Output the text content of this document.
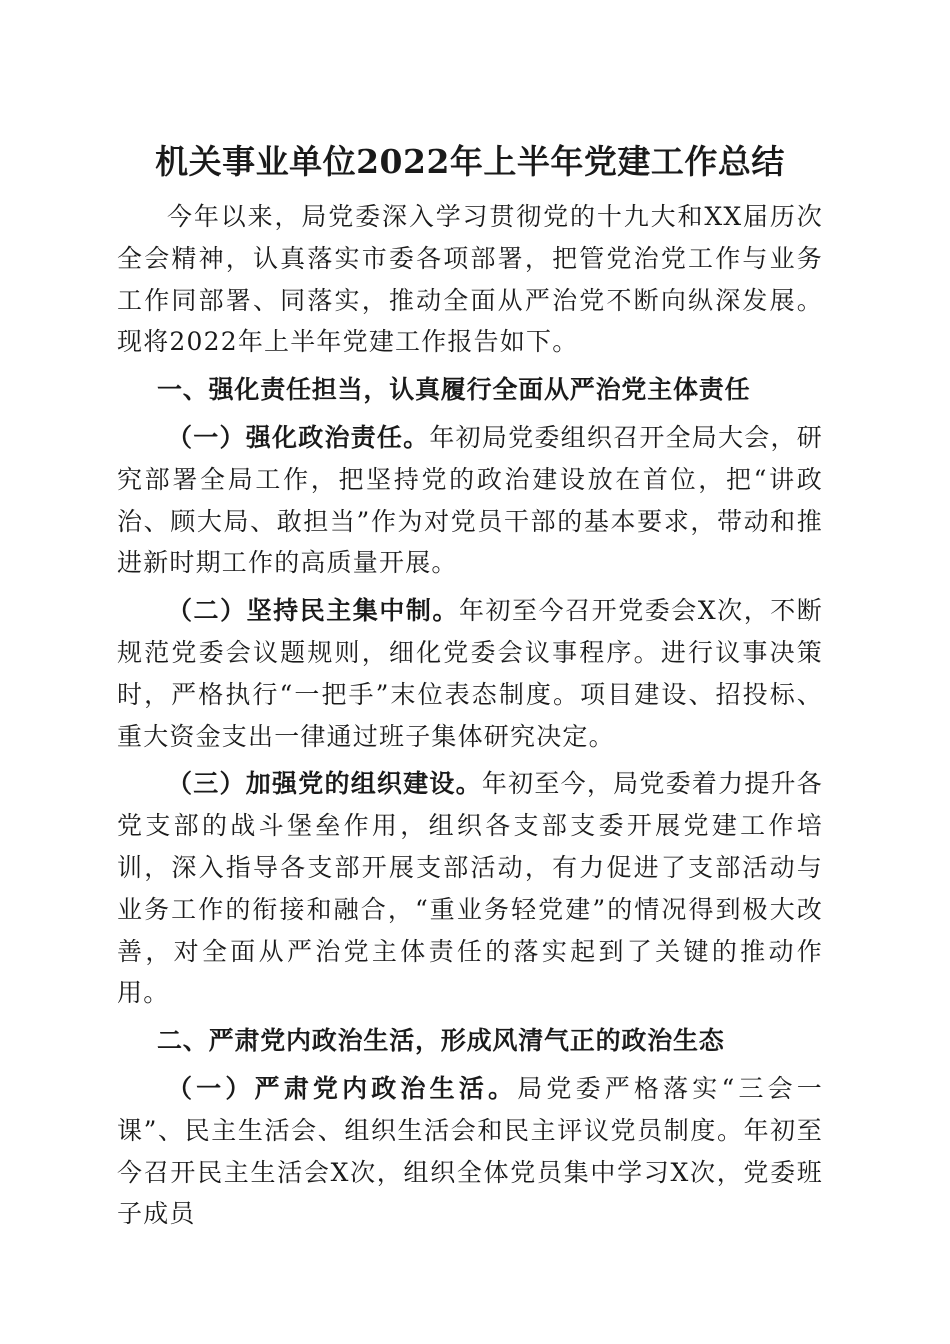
机关事业单位2022年上半年党建工作总结

今年以来，局党委深入学习贯彻党的十九大和XX届历次全会精神，认真落实市委各项部署，把管党治党工作与业务工作同部署、同落实，推动全面从严治党不断向纵深发展。现将2022年上半年党建工作报告如下。

一、强化责任担当，认真履行全面从严治党主体责任

（一）强化政治责任。年初局党委组织召开全局大会，研究部署全局工作，把坚持党的政治建设放在首位，把“讲政治、顾大局、敢担当”作为对党员干部的基本要求，带动和推进新时期工作的高质量开展。

（二）坚持民主集中制。年初至今召开党委会X次，不断规范党委会议题规则，细化党委会议事程序。进行议事决策时，严格执行“一把手”末位表态制度。项目建设、招投标、重大资金支出一律通过班子集体研究决定。

（三）加强党的组织建设。年初至今，局党委着力提升各党支部的战斗堡垒作用，组织各支部支委开展党建工作培训，深入指导各支部开展支部活动，有力促进了支部活动与业务工作的衔接和融合，“重业务轻党建”的情况得到极大改善，对全面从严治党主体责任的落实起到了关键的推动作用。

二、严肃党内政治生活，形成风清气正的政治生态

（一）严肃党内政治生活。局党委严格落实“三会一课”、民主生活会、组织生活会和民主评议党员制度。年初至今召开民主生活会X次，组织全体党员集中学习X次，党委班子成员
